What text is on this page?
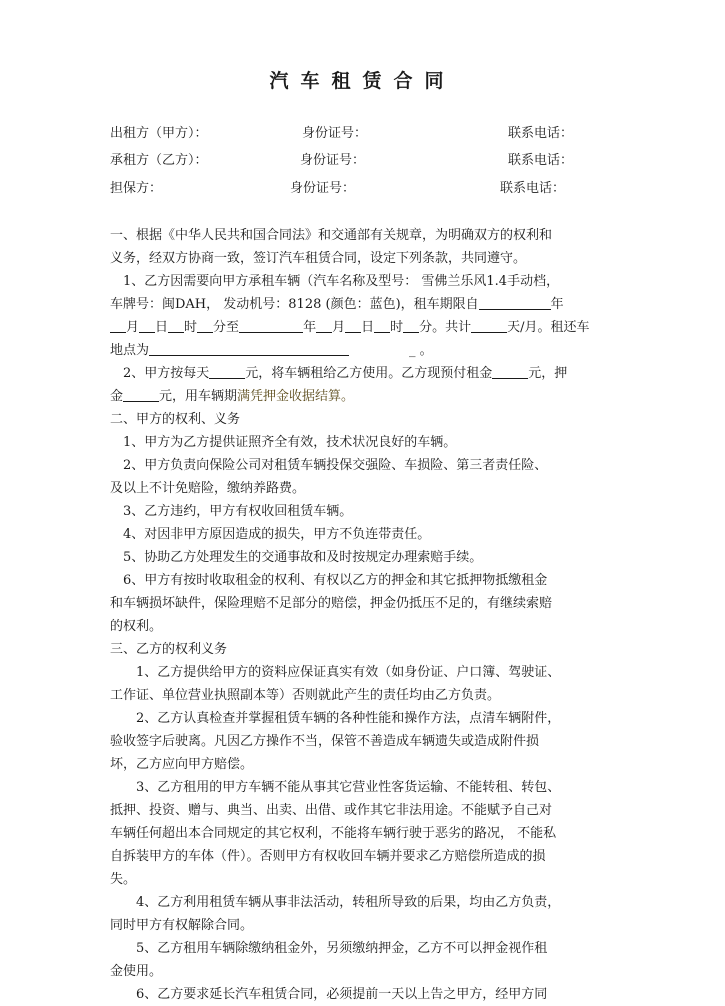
汽车租赁合同
出租方（甲方）：	身份证号：	联系电话：
承租方（乙方）：	身份证号：	联系电话：
担保方：	身份证号：	联系电话：

一、根据《中华人民共和国合同法》和交通部有关规章，为明确双方的权利和

义务，经双方协商一致，签订汽车租赁合同，设定下列条款，共同遵守。

1、乙方因需要向甲方承租车辆（汽车名称及型号： 雪佛兰乐风1.4手动档，

车牌号：闽DAH， 发动机号：8128 (颜色：蓝色)，租车期限自	年

月 日 时 分至	年 月 日 时 分。共计	天/月。租还车

地点为	_ 。

2、甲方按每天	元，将车辆租给乙方使用。乙方现预付租金	元，押

金	元，用车辆期满凭押金收据结算。

二、甲方的权利、义务

1、甲方为乙方提供证照齐全有效，技术状况良好的车辆。

2、甲方负责向保险公司对租赁车辆投保交强险、车损险、第三者责任险、

及以上不计免赔险，缴纳养路费。

3、乙方违约，甲方有权收回租赁车辆。

4、对因非甲方原因造成的损失，甲方不负连带责任。

5、协助乙方处理发生的交通事故和及时按规定办理索赔手续。

6、甲方有按时收取租金的权利、有权以乙方的押金和其它抵押物抵缴租金

和车辆损坏缺件，保险理赔不足部分的赔偿，押金仍抵压不足的，有继续索赔

的权利。

三、乙方的权利义务

1、乙方提供给甲方的资料应保证真实有效（如身份证、户口簿、驾驶证、

工作证、单位营业执照副本等）否则就此产生的责任均由乙方负责。

2、乙方认真检查并掌握租赁车辆的各种性能和操作方法，点清车辆附件，

验收签字后驶离。凡因乙方操作不当，保管不善造成车辆遗失或造成附件损

坏，乙方应向甲方赔偿。

3、乙方租用的甲方车辆不能从事其它营业性客货运输、不能转租、转包、

抵押、投资、赠与、典当、出卖、出借、或作其它非法用途。不能赋予自己对

车辆任何超出本合同规定的其它权利，不能将车辆行驶于恶劣的路况， 不能私

自拆装甲方的车体（件）。否则甲方有权收回车辆并要求乙方赔偿所造成的损

失。

4、乙方利用租赁车辆从事非法活动，转租所导致的后果，均由乙方负责，

同时甲方有权解除合同。

5、乙方租用车辆除缴纳租金外，另须缴纳押金，乙方不可以押金视作租

金使用。

6、乙方要求延长汽车租赁合同，必须提前一天以上告之甲方，经甲方同
